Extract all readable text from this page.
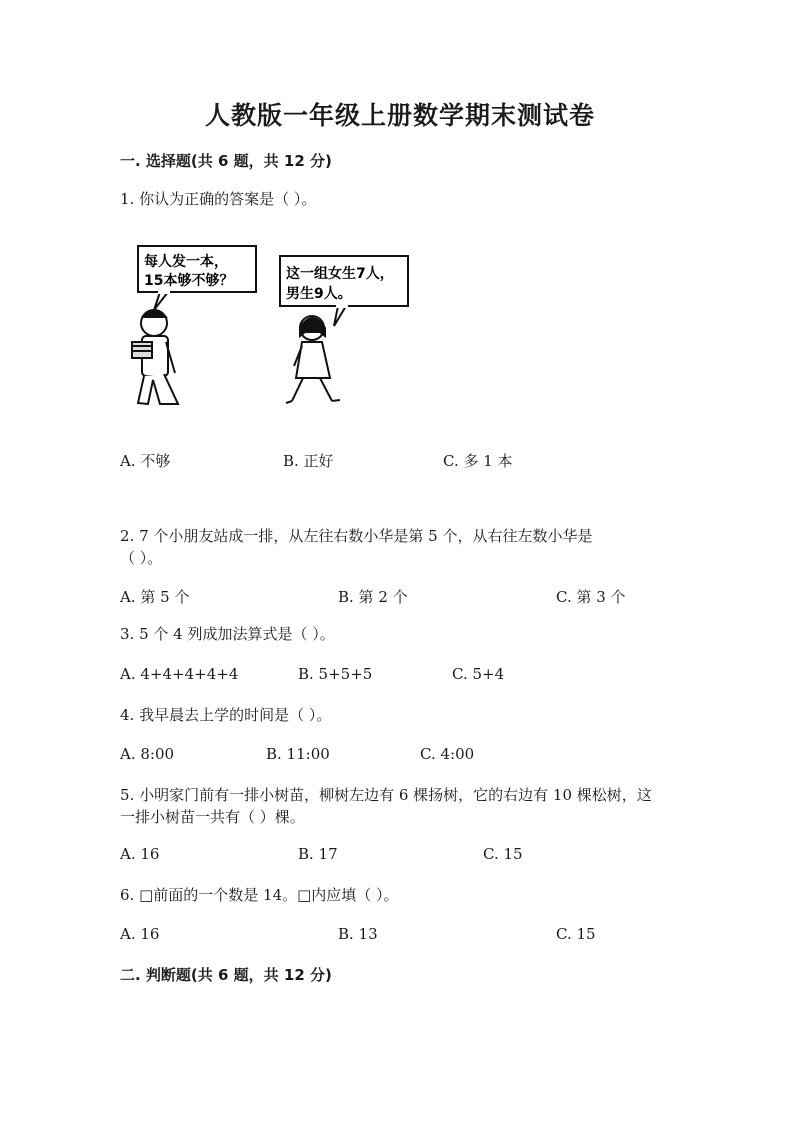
人教版一年级上册数学期末测试卷
一. 选择题(共 6 题，共 12 分)
1. 你认为正确的答案是（ ）。
每人发一本，
15本够不够？	这一组女生7人，
男生9人。
A. 不够	B. 正好	C. 多 1 本
2. 7 个小朋友站成一排，从左往右数小华是第 5 个，从右往左数小华是
（ ）。
A. 第 5 个	B. 第 2 个	C. 第 3 个
3. 5 个 4 列成加法算式是（ ）。
A. 4+4+4+4+4	B. 5+5+5	C. 5+4
4. 我早晨去上学的时间是（ ）。
A. 8:00	B. 11:00	C. 4:00
5. 小明家门前有一排小树苗，柳树左边有 6 棵扬树，它的右边有 10 棵松树，这
一排小树苗一共有（ ）棵。
A. 16	B. 17	C. 15
6. □前面的一个数是 14。□内应填（ ）。
A. 16	B. 13	C. 15
二. 判断题(共 6 题，共 12 分)
